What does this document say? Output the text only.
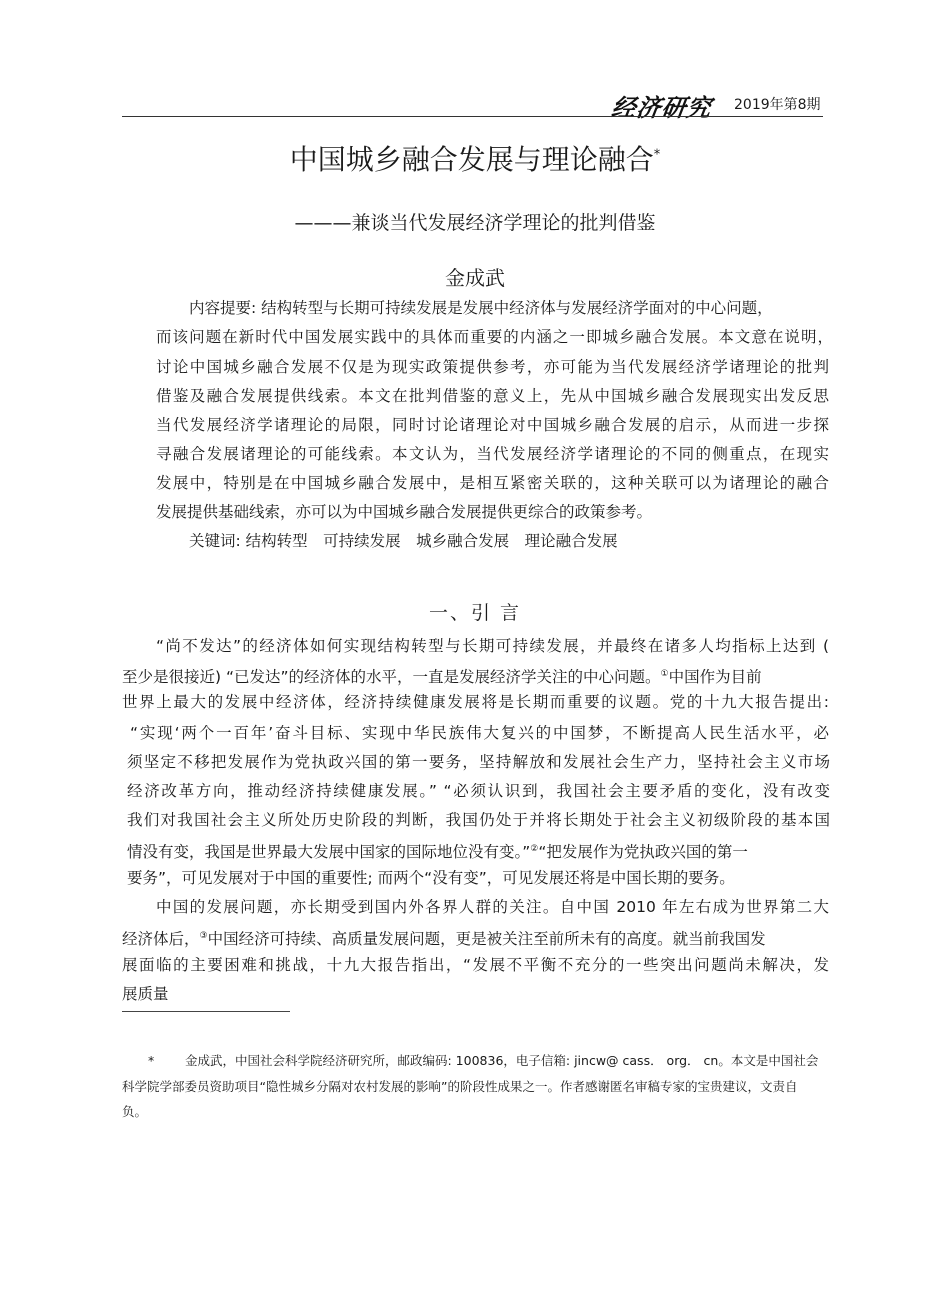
经济研究 2019年第8期
中国城乡融合发展与理论融合*
———兼谈当代发展经济学理论的批判借鉴
金成武
内容提要: 结构转型与长期可持续发展是发展中经济体与发展经济学面对的中心问题，
而该问题在新时代中国发展实践中的具体而重要的内涵之一即城乡融合发展。本文意在说明，
讨论中国城乡融合发展不仅是为现实政策提供参考，亦可能为当代发展经济学诸理论的批判
借鉴及融合发展提供线索。本文在批判借鉴的意义上，先从中国城乡融合发展现实出发反思
当代发展经济学诸理论的局限，同时讨论诸理论对中国城乡融合发展的启示，从而进一步探
寻融合发展诸理论的可能线索。本文认为，当代发展经济学诸理论的不同的侧重点，在现实
发展中，特别是在中国城乡融合发展中，是相互紧密关联的，这种关联可以为诸理论的融合
发展提供基础线索，亦可以为中国城乡融合发展提供更综合的政策参考。
关键词: 结构转型　可持续发展　城乡融合发展　理论融合发展
一、引 言
“尚不发达”的经济体如何实现结构转型与长期可持续发展，并最终在诸多人均指标上达到 (
至少是很接近) “已发达”的经济体的水平，一直是发展经济学关注的中心问题。①中国作为目前
世界上最大的发展中经济体，经济持续健康发展将是长期而重要的议题。党的十九大报告提出:
“实现‘两个一百年’奋斗目标、实现中华民族伟大复兴的中国梦，不断提高人民生活水平，必
须坚定不移把发展作为党执政兴国的第一要务，坚持解放和发展社会生产力，坚持社会主义市场
经济改革方向，推动经济持续健康发展。” “必须认识到，我国社会主要矛盾的变化，没有改变
我们对我国社会主义所处历史阶段的判断，我国仍处于并将长期处于社会主义初级阶段的基本国
情没有变，我国是世界最大发展中国家的国际地位没有变。”②“把发展作为党执政兴国的第一
要务”，可见发展对于中国的重要性; 而两个“没有变”，可见发展还将是中国长期的要务。
中国的发展问题，亦长期受到国内外各界人群的关注。自中国 2010 年左右成为世界第二大
经济体后，③中国经济可持续、高质量发展问题，更是被关注至前所未有的高度。就当前我国发
展面临的主要困难和挑战，十九大报告指出，“发展不平衡不充分的一些突出问题尚未解决，发
展质量
* 金成武，中国社会科学院经济研究所，邮政编码: 100836，电子信箱: jincw@ cass． org． cn。本文是中国社会
科学院学部委员资助项目“隐性城乡分隔对农村发展的影响”的阶段性成果之一。作者感谢匿名审稿专家的宝贵建议，文责自
负。
